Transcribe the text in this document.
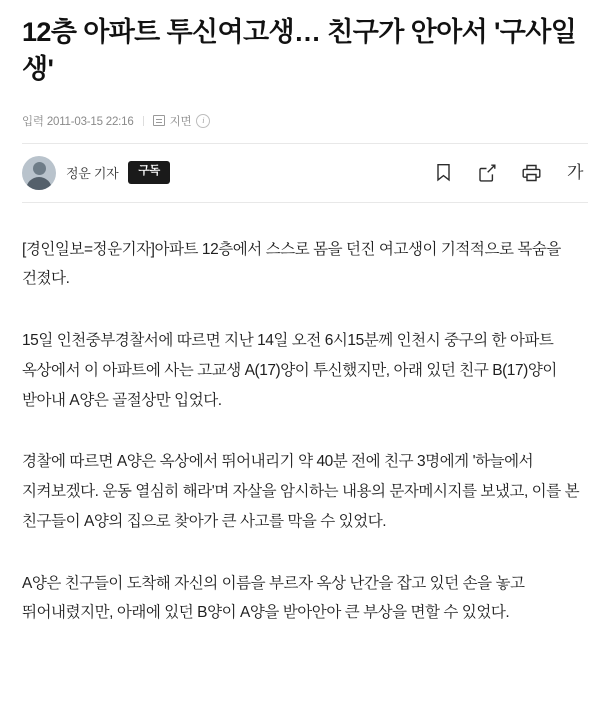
12층 아파트 투신여고생… 친구가 안아서 '구사일생'
입력 2011-03-15 22:16	지면	i
정운 기자	구독	가

[경인일보=정운기자]아파트 12층에서 스스로 몸을 던진 여고생이 기적적으로 목숨을 건졌다.

15일 인천중부경찰서에 따르면 지난 14일 오전 6시15분께 인천시 중구의 한 아파트 옥상에서 이 아파트에 사는 고교생 A(17)양이 투신했지만, 아래 있던 친구 B(17)양이 받아내 A양은 골절상만 입었다.

경찰에 따르면 A양은 옥상에서 뛰어내리기 약 40분 전에 친구 3명에게 '하늘에서 지켜보겠다. 운동 열심히 해라'며 자살을 암시하는 내용의 문자메시지를 보냈고, 이를 본 친구들이 A양의 집으로 찾아가 큰 사고를 막을 수 있었다.

A양은 친구들이 도착해 자신의 이름을 부르자 옥상 난간을 잡고 있던 손을 놓고 뛰어내렸지만, 아래에 있던 B양이 A양을 받아안아 큰 부상을 면할 수 있었다.
